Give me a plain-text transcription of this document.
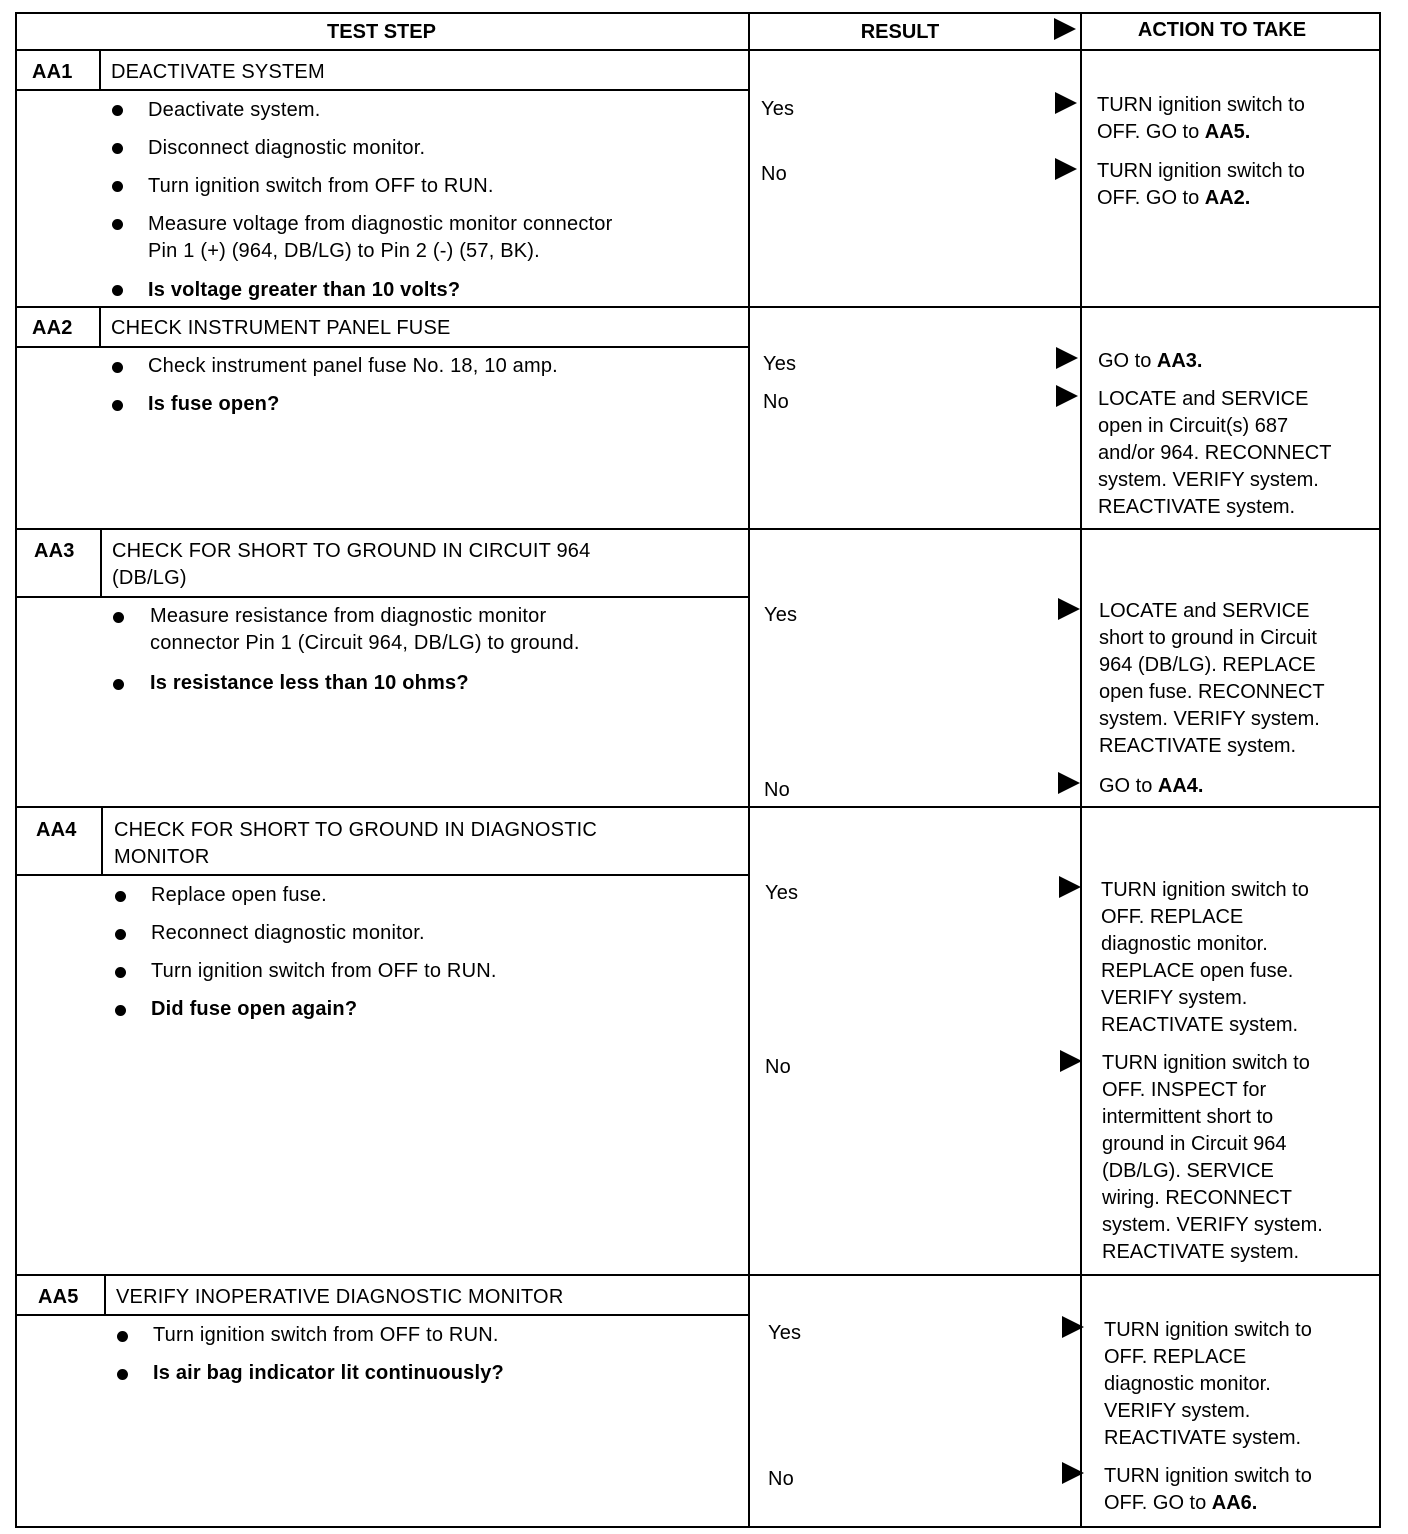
TEST STEP	RESULT	ACTION TO TAKE
AA1 DEACTIVATE SYSTEM
Deactivate system.
Disconnect diagnostic monitor.
Turn ignition switch from OFF to RUN.
Measure voltage from diagnostic monitor connector
Pin 1 (+) (964, DB/LG) to Pin 2 (-) (57, BK).
Is voltage greater than 10 volts?
Yes	TURN ignition switch to
OFF. GO to AA5.
No	TURN ignition switch to
OFF. GO to AA2.
AA2 CHECK INSTRUMENT PANEL FUSE
Check instrument panel fuse No. 18, 10 amp.
Is fuse open?
Yes	GO to AA3.
No	LOCATE and SERVICE
open in Circuit(s) 687
and/or 964. RECONNECT
system. VERIFY system.
REACTIVATE system.
AA3 CHECK FOR SHORT TO GROUND IN CIRCUIT 964
(DB/LG)
Measure resistance from diagnostic monitor
connector Pin 1 (Circuit 964, DB/LG) to ground.
Is resistance less than 10 ohms?
Yes	LOCATE and SERVICE
short to ground in Circuit
964 (DB/LG). REPLACE
open fuse. RECONNECT
system. VERIFY system.
REACTIVATE system.
No	GO to AA4.
AA4 CHECK FOR SHORT TO GROUND IN DIAGNOSTIC
MONITOR
Replace open fuse.
Reconnect diagnostic monitor.
Turn ignition switch from OFF to RUN.
Did fuse open again?
Yes	TURN ignition switch to
OFF. REPLACE
diagnostic monitor.
REPLACE open fuse.
VERIFY system.
REACTIVATE system.
No	TURN ignition switch to
OFF. INSPECT for
intermittent short to
ground in Circuit 964
(DB/LG). SERVICE
wiring. RECONNECT
system. VERIFY system.
REACTIVATE system.
AA5 VERIFY INOPERATIVE DIAGNOSTIC MONITOR
Turn ignition switch from OFF to RUN.
Is air bag indicator lit continuously?
Yes	TURN ignition switch to
OFF. REPLACE
diagnostic monitor.
VERIFY system.
REACTIVATE system.
No	TURN ignition switch to
OFF. GO to AA6.
